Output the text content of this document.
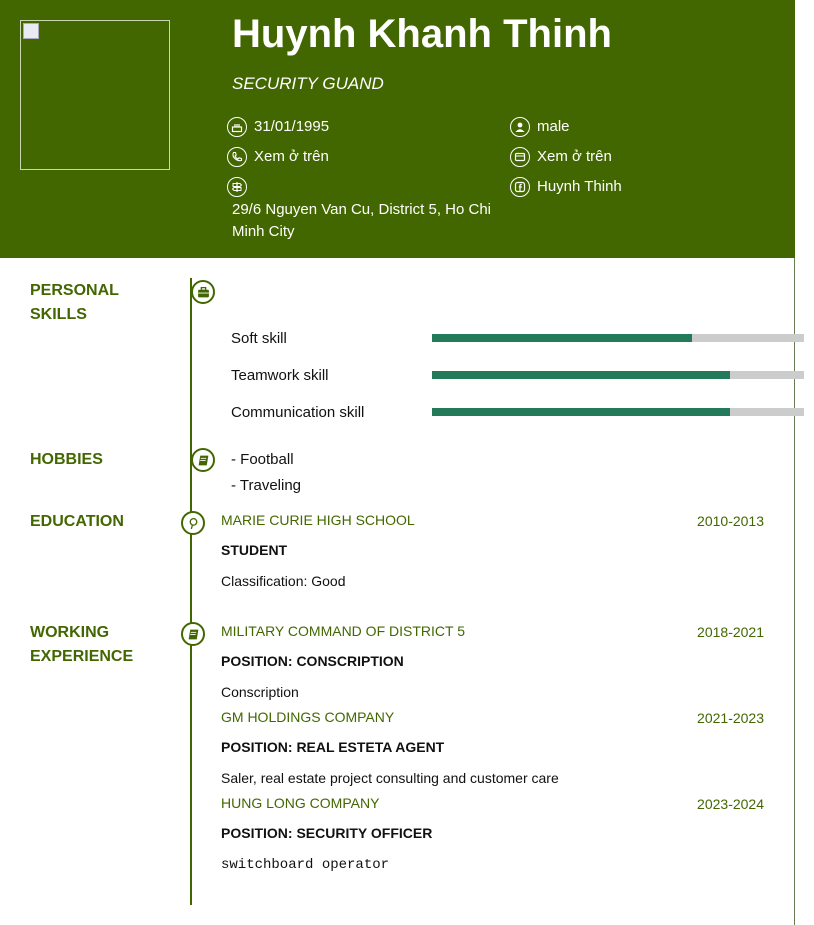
Huynh Khanh Thinh
SECURITY GUAND
31/01/1995	male
Xem ở trên	Xem ở trên
29/6 Nguyen Van Cu, District 5, Ho Chi Minh City
Huynh Thinh
PERSONAL SKILLS
Soft skill
Teamwork skill
Communication skill
HOBBIES	- Football
- Traveling
EDUCATION	MARIE CURIE HIGH SCHOOL	2010-2013
STUDENT
Classification: Good
WORKING EXPERIENCE
MILITARY COMMAND OF DISTRICT 5	2018-2021
POSITION: CONSCRIPTION
Conscription
GM HOLDINGS COMPANY	2021-2023
POSITION: REAL ESTETA AGENT
Saler, real estate project consulting and customer care
HUNG LONG COMPANY	2023-2024
POSITION: SECURITY OFFICER
switchboard operator
